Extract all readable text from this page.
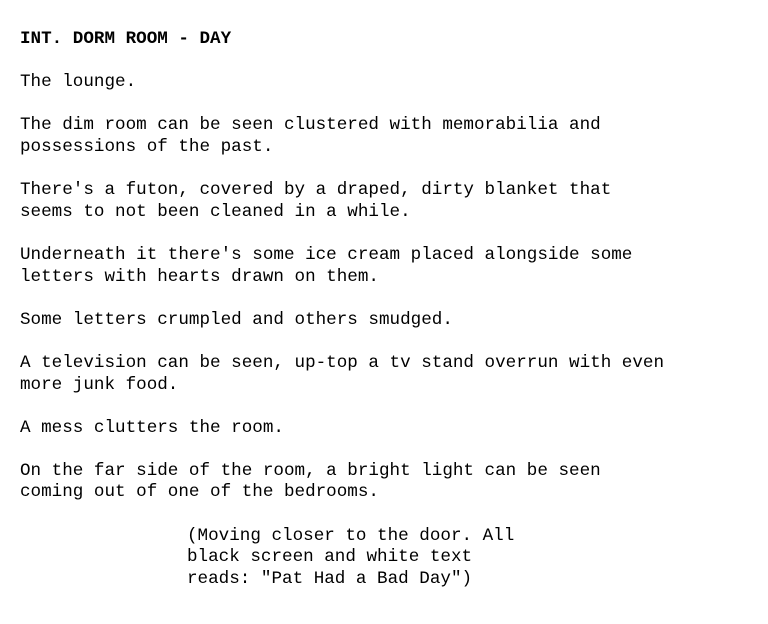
INT. DORM ROOM - DAY
The lounge.
The dim room can be seen clustered with memorabilia and
possessions of the past.
There's a futon, covered by a draped, dirty blanket that
seems to not been cleaned in a while.
Underneath it there's some ice cream placed alongside some
letters with hearts drawn on them.
Some letters crumpled and others smudged.
A television can be seen, up-top a tv stand overrun with even
more junk food.
A mess clutters the room.
On the far side of the room, a bright light can be seen
coming out of one of the bedrooms.
(Moving closer to the door. All
black screen and white text
reads: "Pat Had a Bad Day")
